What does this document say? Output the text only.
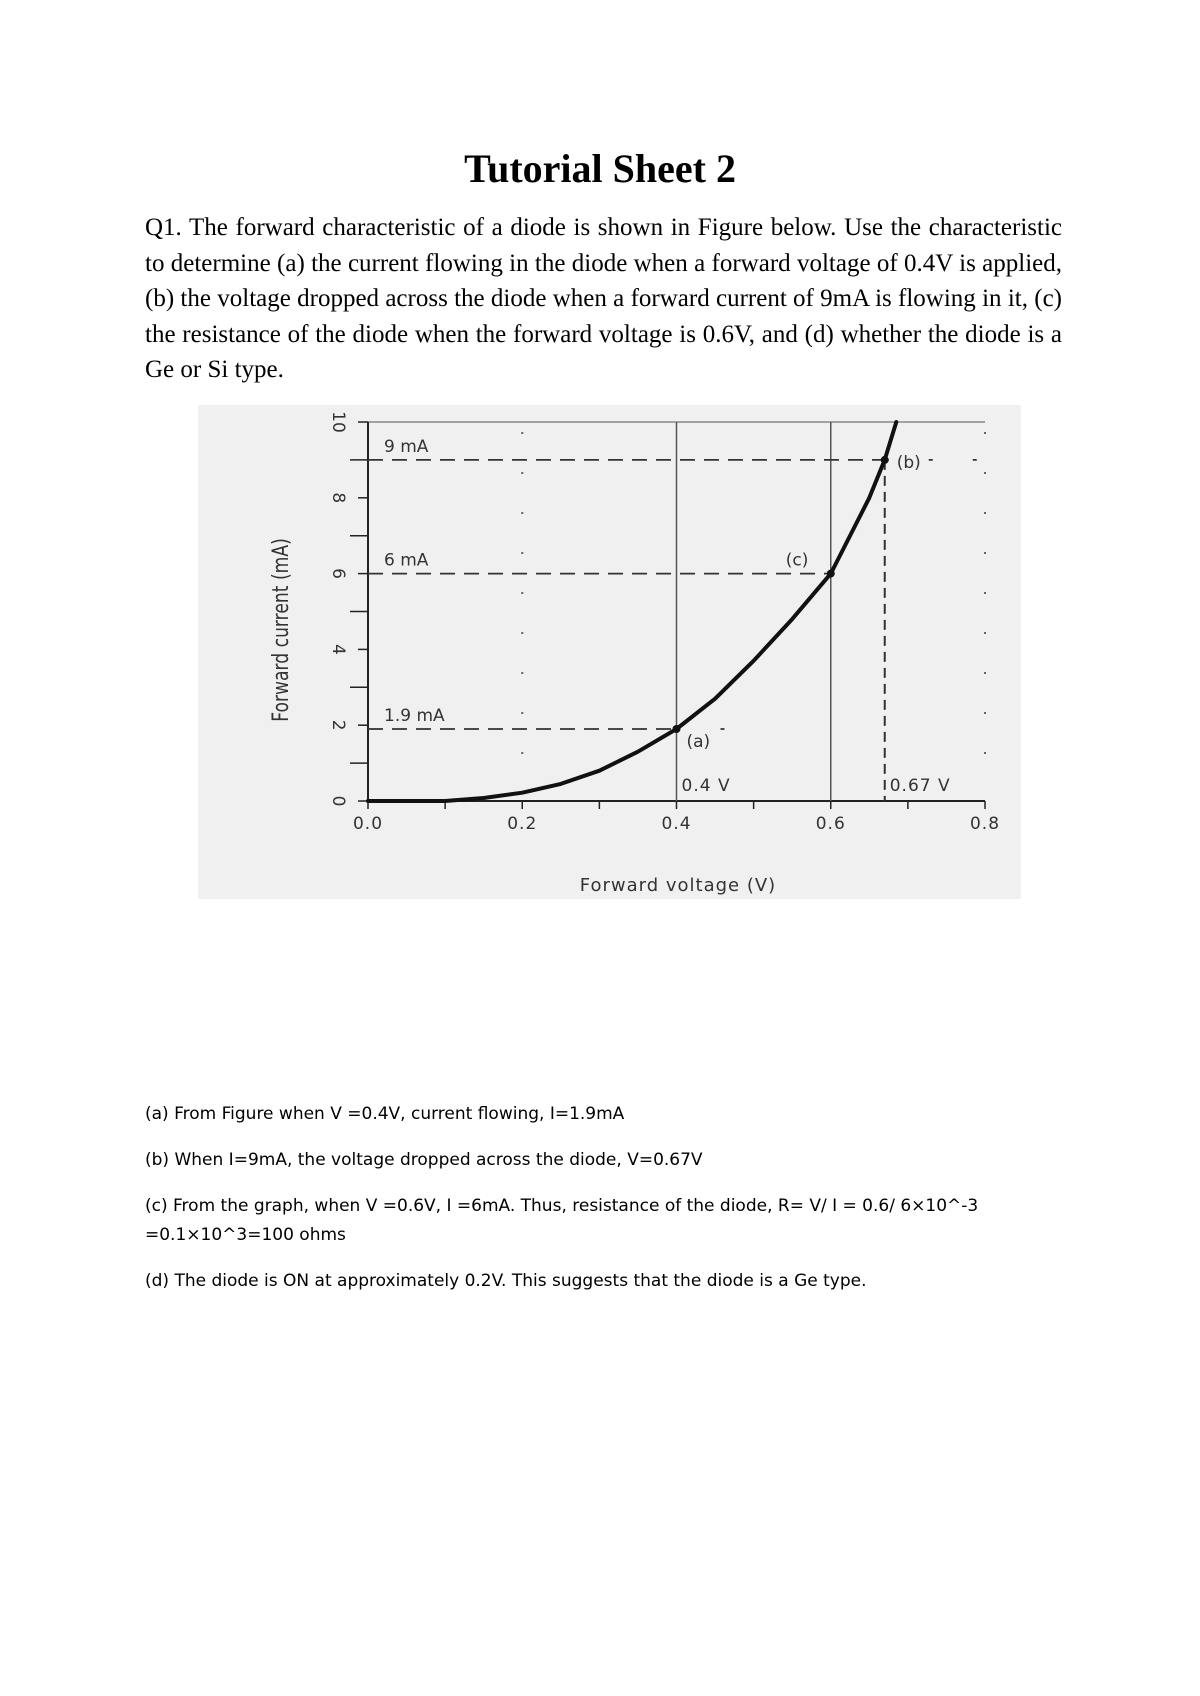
Tutorial Sheet 2

Q1. The forward characteristic of a diode is shown in Figure below. Use the characteristic to determine (a) the current flowing in the diode when a forward voltage of 0.4V is applied, (b) the voltage dropped across the diode when a forward current of 9mA is flowing in it, (c) the resistance of the diode when the forward voltage is 0.6V, and (d) whether the diode is a Ge or Si type.

Forward current (mA)
Forward voltage (V)
0
2
4
6
8
10
0.0	0.2	0.4	0.6	0.8
1.9 mA
0.4 V
(a)
9 mA
0.67 V
(b)
6 mA	(c)

(a) From Figure when V =0.4V, current flowing, I=1.9mA

(b) When I=9mA, the voltage dropped across the diode, V=0.67V

(c) From the graph, when V =0.6V, I =6mA. Thus, resistance of the diode, R= V/ I = 0.6/ 6×10^-3
=0.1×10^3=100 ohms

(d) The diode is ON at approximately 0.2V. This suggests that the diode is a Ge type.
